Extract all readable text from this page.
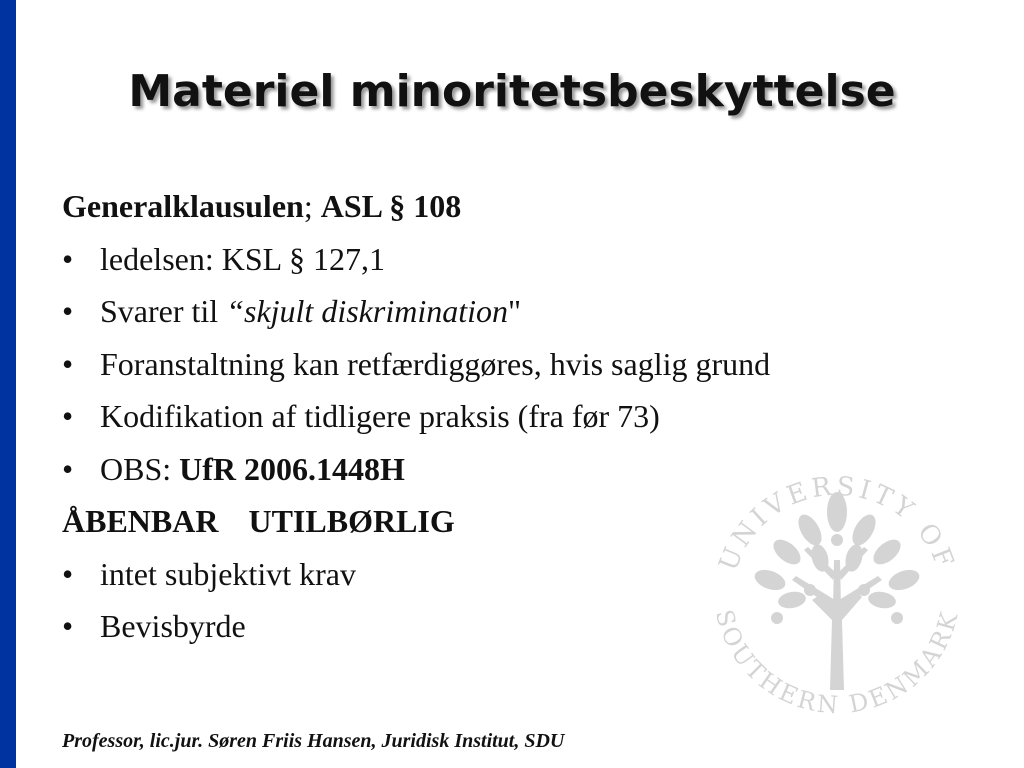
Materiel minoritetsbeskyttelse
UNIVERSITY OF
SOUTHERN DENMARK
Generalklausulen; ASL § 108
• ledelsen: KSL § 127,1
• Svarer til “skjult diskrimination"
• Foranstaltning kan retfærdiggøres, hvis saglig grund
• Kodifikation af tidligere praksis (fra før 73)
• OBS: UfR 2006.1448H
ÅBENBAR UTILBØRLIG
• intet subjektivt krav
• Bevisbyrde
Professor, lic.jur. Søren Friis Hansen, Juridisk Institut, SDU
